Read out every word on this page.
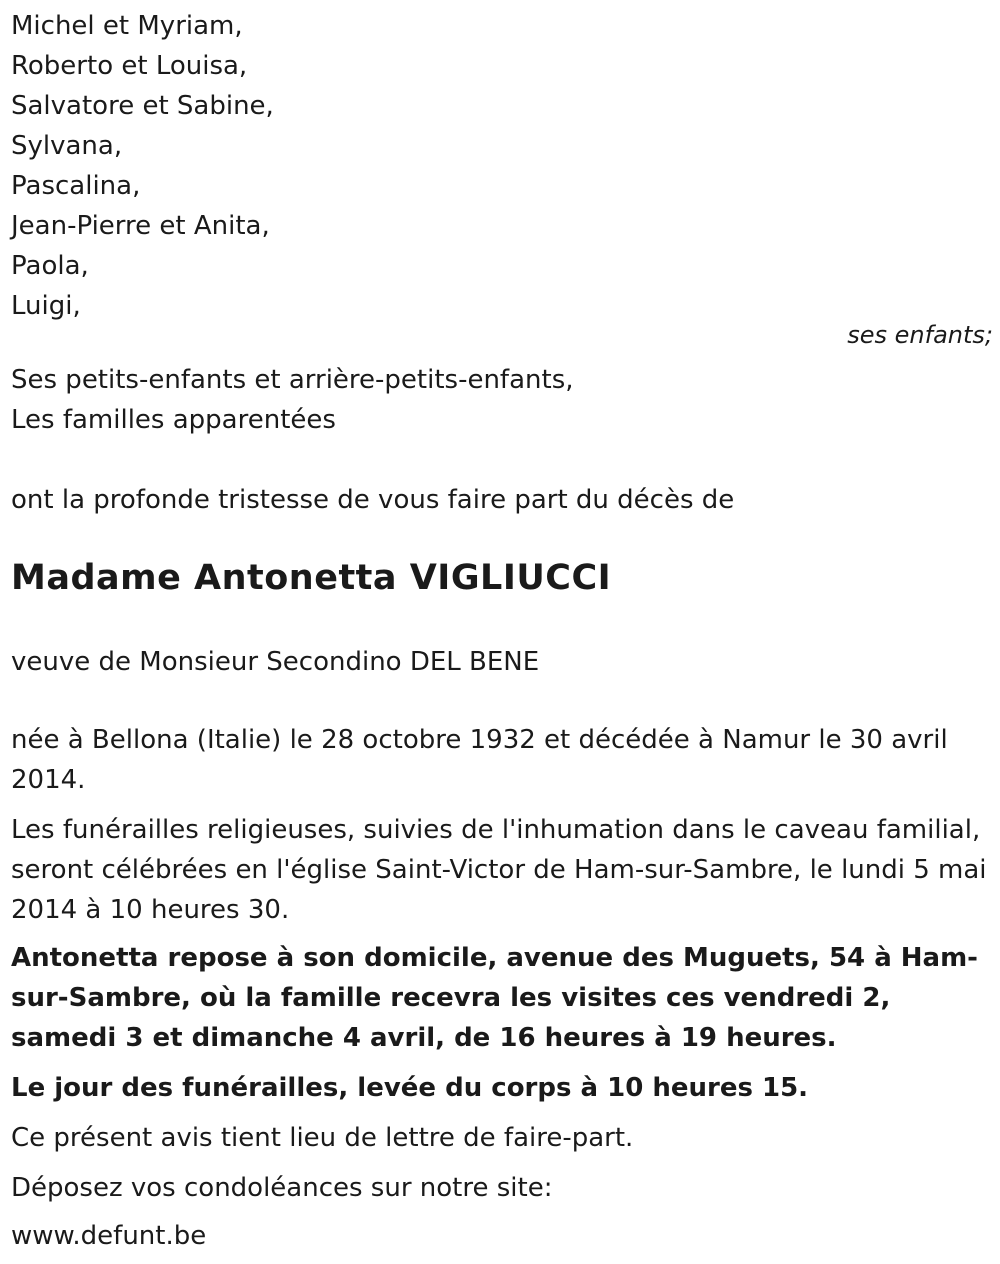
Michel et Myriam,
Roberto et Louisa,
Salvatore et Sabine,
Sylvana,
Pascalina,
Jean-Pierre et Anita,
Paola,
Luigi,
ses enfants;
Ses petits-enfants et arrière-petits-enfants,
Les familles apparentées
ont la profonde tristesse de vous faire part du décès de
Madame Antonetta VIGLIUCCI
veuve de Monsieur Secondino DEL BENE
née à Bellona (Italie) le 28 octobre 1932 et décédée à Namur le 30 avril 2014.
Les funérailles religieuses, suivies de l'inhumation dans le caveau familial, seront célébrées en l'église Saint-Victor de Ham-sur-Sambre, le lundi 5 mai 2014 à 10 heures 30.
Antonetta repose à son domicile, avenue des Muguets, 54 à Ham-sur-Sambre, où la famille recevra les visites ces vendredi 2, samedi 3 et dimanche 4 avril, de 16 heures à 19 heures.
Le jour des funérailles, levée du corps à 10 heures 15.
Ce présent avis tient lieu de lettre de faire-part.
Déposez vos condoléances sur notre site:
www.defunt.be
